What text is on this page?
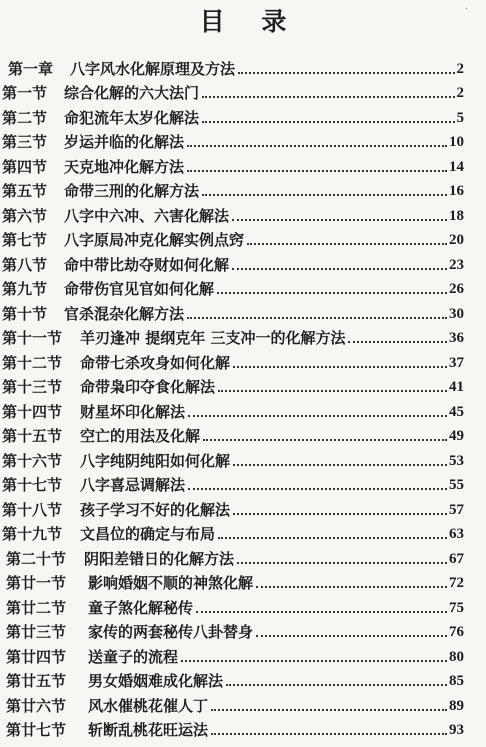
目 录	·
第一章	八字风水化解原理及方法	2
第一节	综合化解的六大法门	2
第二节	命犯流年太岁化解法	5
第三节	岁运并临的化解法	10
第四节	天克地冲化解方法	14
第五节	命带三刑的化解方法	16
第六节	八字中六冲、六害化解法	18
第七节	八字原局冲克化解实例点窍	20
第八节	命中带比劫夺财如何化解	23
第九节	命带伤官见官如何化解	26
第十节	官杀混杂化解方法	30
第十一节	羊刃逢冲 提纲克年 三支冲一的化解方法	36
第十二节	命带七杀攻身如何化解	37
第十三节	命带枭印夺食化解法	41
第十四节	财星坏印化解法	45
第十五节	空亡的用法及化解	49
第十六节	八字纯阴纯阳如何化解	53
第十七节	八字喜忌调解法	55
第十八节	孩子学习不好的化解法	57
第十九节	文昌位的确定与布局	63
第二十节	阴阳差错日的化解方法	67
第廿一节	影响婚姻不顺的神煞化解	72
第廿二节	童子煞化解秘传	75
第廿三节	家传的两套秘传八卦替身	76
第廿四节	送童子的流程	80
第廿五节	男女婚姻难成化解法	85
第廿六节	风水催桃花催人丁	89
第廿七节	斩断乱桃花旺运法	93
